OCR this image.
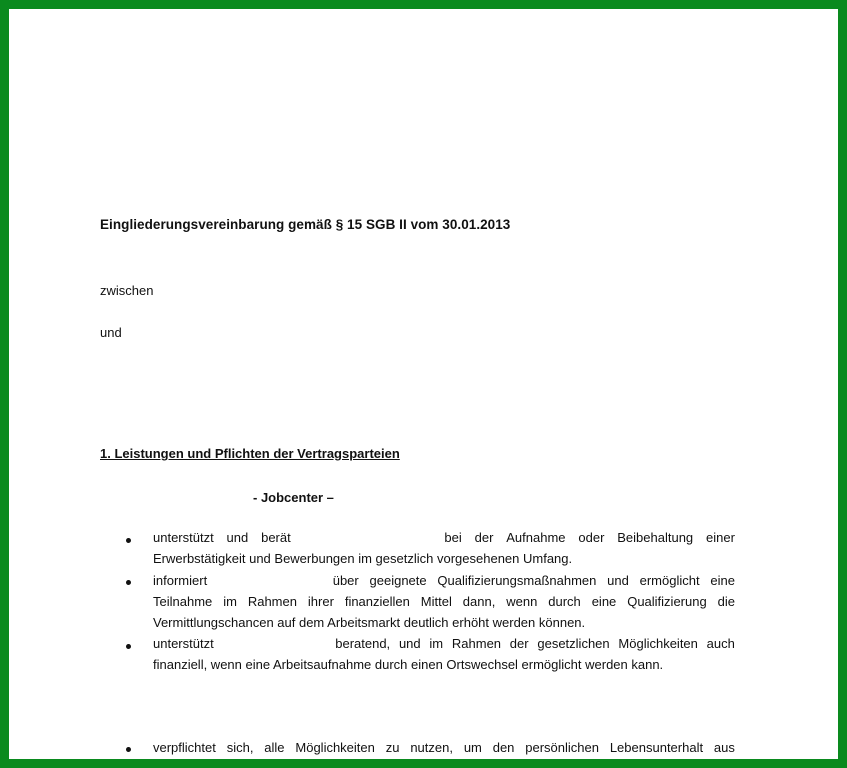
Eingliederungsvereinbarung gemäß § 15 SGB II vom 30.01.2013
zwischen
und
1. Leistungen und Pflichten der Vertragsparteien
- Jobcenter –
unterstützt und berät	bei der Aufnahme oder Beibehaltung einer
Erwerbstätigkeit und Bewerbungen im gesetzlich vorgesehenen Umfang.
informiert	über geeignete Qualifizierungsmaßnahmen und ermöglicht eine
Teilnahme im Rahmen ihrer finanziellen Mittel dann, wenn durch eine Qualifizierung die
Vermittlungschancen auf dem Arbeitsmarkt deutlich erhöht werden können.
unterstützt	beratend, und im Rahmen der gesetzlichen Möglichkeiten auch
finanziell, wenn eine Arbeitsaufnahme durch einen Ortswechsel ermöglicht werden kann.
verpflichtet sich, alle Möglichkeiten zu nutzen, um den persönlichen Lebensunterhalt aus
